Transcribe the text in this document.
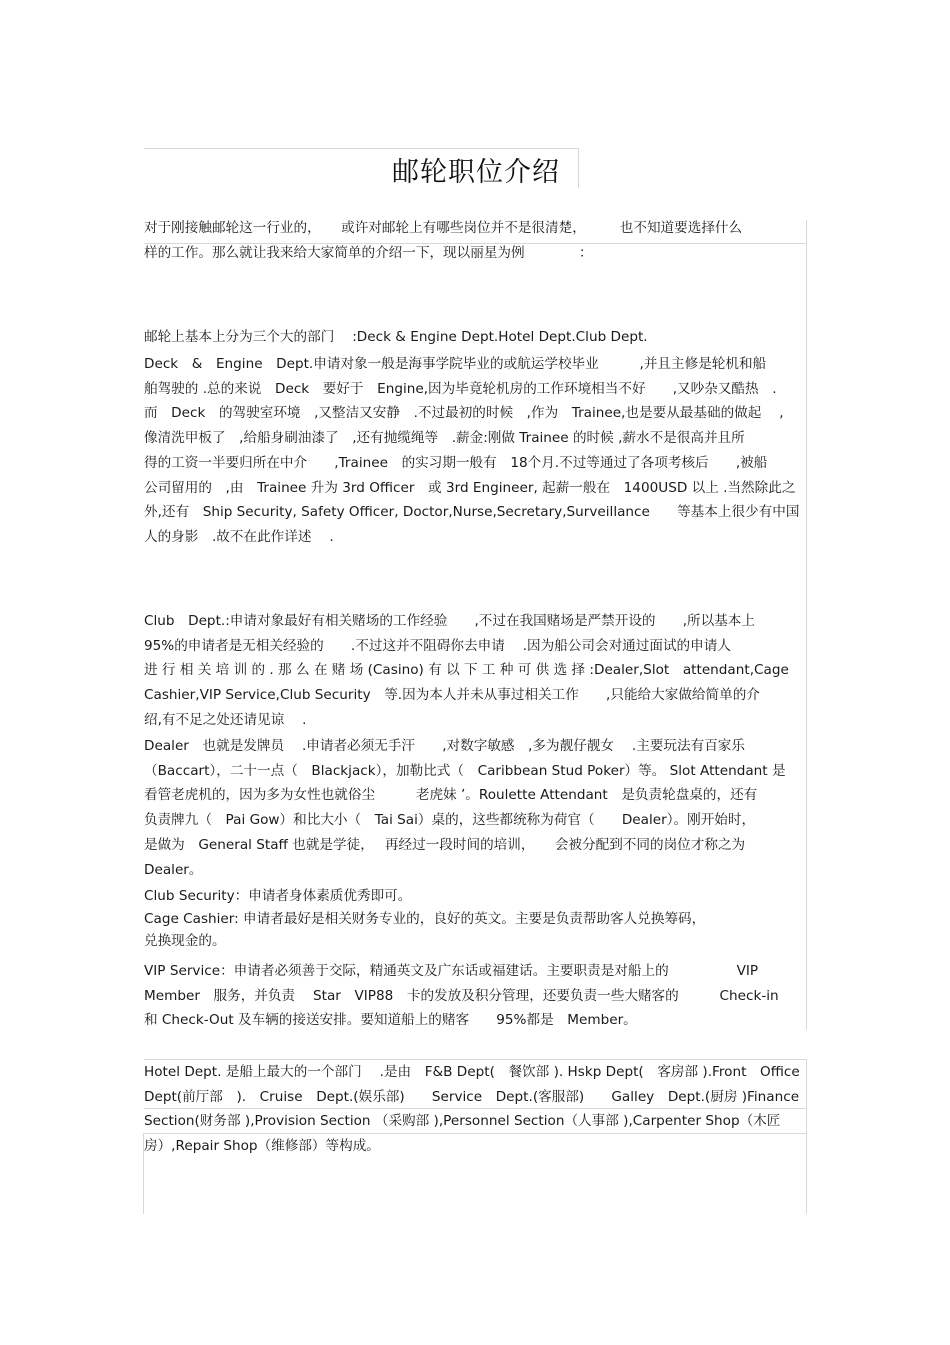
邮轮职位介绍
对于刚接触邮轮这一行业的，　　或许对邮轮上有哪些岗位并不是很清楚，　　　也不知道要选择什么
样的工作。那么就让我来给大家简单的介绍一下，现以丽星为例　　　　：
邮轮上基本上分为三个大的部门　 :Deck & Engine Dept.Hotel Dept.Club Dept.
Deck　&　Engine　Dept.申请对象一般是海事学院毕业的或航运学校毕业　　　,并且主修是轮机和船
舶驾驶的 .总的来说　Deck　要好于　Engine,因为毕竟轮机房的工作环境相当不好　　,又吵杂又酷热　.
而　Deck　的驾驶室环境　,又整洁又安静　.不过最初的时候　,作为　Trainee,也是要从最基础的做起　 ,
像清洗甲板了　,给船身刷油漆了　,还有抛缆绳等　.薪金:刚做 Trainee 的时候 ,薪水不是很高并且所
得的工资一半要归所在中介　　,Trainee　的实习期一般有　18个月.不过等通过了各项考核后　　,被船
公司留用的　,由　Trainee 升为 3rd Officer　或 3rd Engineer, 起薪一般在　1400USD 以上 .当然除此之
外,还有　Ship Security, Safety Officer, Doctor,Nurse,Secretary,Surveillance　　等基本上很少有中国
人的身影　.故不在此作详述　 .
Club　Dept.:申请对象最好有相关赌场的工作经验　　,不过在我国赌场是严禁开设的　　,所以基本上
95%的申请者是无相关经验的　　.不过这并不阻碍你去申请　 .因为船公司会对通过面试的申请人
进 行 相 关 培 训 的 . 那 么 在 赌 场 (Casino) 有 以 下 工 种 可 供 选 择 :Dealer,Slot　attendant,Cage
Cashier,VIP Service,Club Security　等.因为本人并未从事过相关工作　　,只能给大家做给简单的介
绍,有不足之处还请见谅　 .
Dealer　也就是发牌员　 .申请者必须无手汗　　,对数字敏感　,多为靓仔靓女　 .主要玩法有百家乐
（Baccart），二十一点（　Blackjack），加勒比式（　Caribbean Stud Poker）等。 Slot Attendant 是
看管老虎机的，因为多为女性也就俗尘　　　老虎妹 ’。Roulette Attendant　是负责轮盘桌的，还有
负责牌九（　Pai Gow）和比大小（　Tai Sai）桌的，这些都统称为荷官（　　Dealer）。刚开始时，
是做为　General Staff 也就是学徒，　 再经过一段时间的培训，　　会被分配到不同的岗位才称之为
Dealer。
Club Security：申请者身体素质优秀即可。
Cage Cashier: 申请者最好是相关财务专业的，良好的英文。主要是负责帮助客人兑换筹码，
兑换现金的。
VIP Service：申请者必须善于交际，精通英文及广东话或福建话。主要职责是对船上的　　　　　VIP
Member　服务，并负责　 Star　VIP88　卡的发放及积分管理，还要负责一些大赌客的　　　Check-in
和 Check-Out 及车辆的接送安排。要知道船上的赌客　　95%都是　Member。
Hotel Dept. 是船上最大的一个部门　 .是由　F&B Dept(　餐饮部 ). Hskp Dept(　客房部 ).Front　Office
Dept(前厅部　).　Cruise　Dept.(娱乐部)　　Service　Dept.(客服部)　　Galley　Dept.(厨房 )Finance
Section(财务部 ),Provision Section （采购部 ),Personnel Section（人事部 ),Carpenter Shop（木匠
房）,Repair Shop（维修部）等构成。
